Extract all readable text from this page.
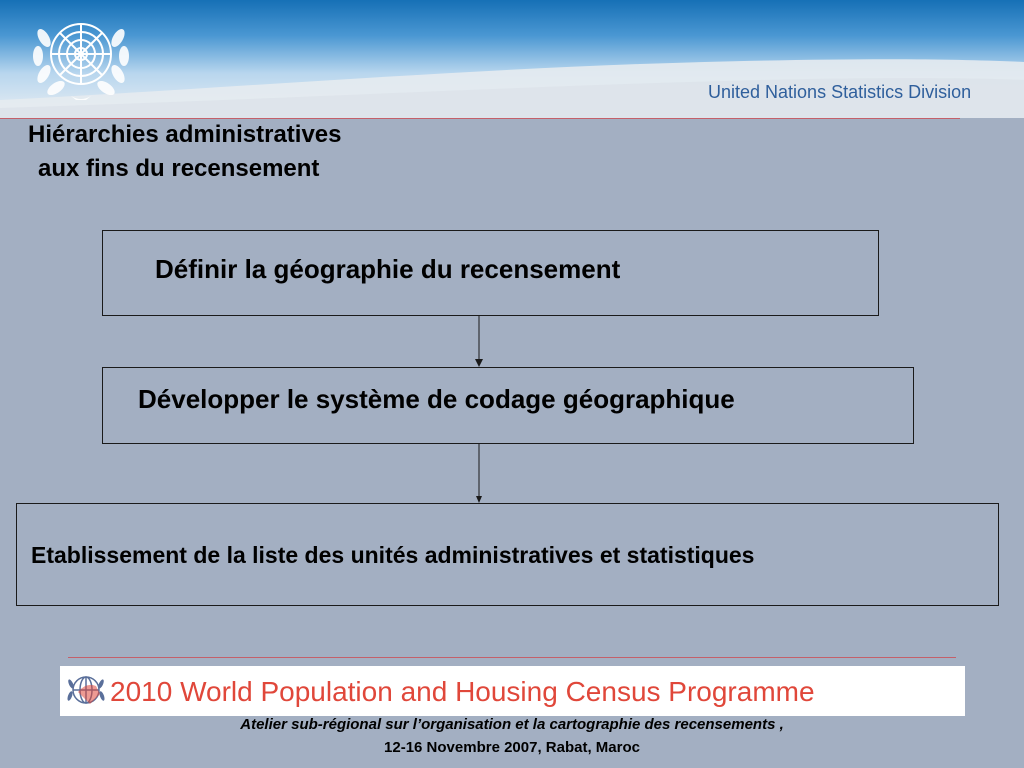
United Nations Statistics Division
Hiérarchies administratives
aux fins du recensement
Définir la géographie du recensement
Développer le système de codage géographique
Etablissement de la liste des unités administratives et statistiques
2010 World Population and Housing Census Programme
Atelier sub-régional sur l’organisation et la cartographie des recensements ,
12-16 Novembre 2007, Rabat, Maroc
